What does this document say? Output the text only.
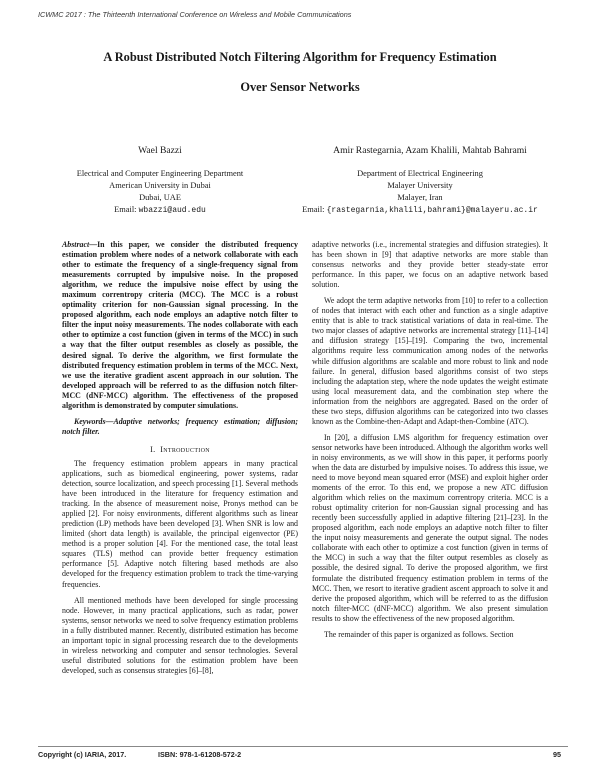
ICWMC 2017 : The Thirteenth International Conference on Wireless and Mobile Communications
A Robust Distributed Notch Filtering Algorithm for Frequency Estimation
Over Sensor Networks
Wael Bazzi
Electrical and Computer Engineering Department
American University in Dubai
Dubai, UAE
Email: wbazzi@aud.edu
Amir Rastegarnia, Azam Khalili, Mahtab Bahrami
Department of Electrical Engineering
Malayer University
Malayer, Iran
Email: {rastegarnia,khalili,bahrami}@malayeru.ac.ir

Abstract—In this paper, we consider the distributed frequency estimation problem where nodes of a network collaborate with each other to estimate the frequency of a single-frequency signal from measurements corrupted by impulsive noise. In the proposed algorithm, we reduce the impulsive noise effect by using the maximum correntropy criteria (MCC). The MCC is a robust optimality criterion for non-Gaussian signal processing. In the proposed algorithm, each node employs an adaptive notch filter to filter the input noisy measurements. The nodes collaborate with each other to optimize a cost function (given in terms of the MCC) in such a way that the filter output resembles as closely as possible, the desired signal. To derive the algorithm, we first formulate the distributed frequency estimation problem in terms of the MCC. Next, we use the iterative gradient ascent approach in our solution. The developed approach will be referred to as the diffusion notch filter-MCC (dNF-MCC) algorithm. The effectiveness of the proposed algorithm is demonstrated by computer simulations.

Keywords—Adaptive networks; frequency estimation; diffusion; notch filter.

I. Introduction

The frequency estimation problem appears in many practical applications, such as biomedical engineering, power systems, radar detection, source localization, and speech processing [1]. Several methods have been introduced in the literature for frequency estimation and tracking. In the absence of measurement noise, Pronys method can be applied [2]. For noisy environments, different algorithms such as linear prediction (LP) methods have been developed [3]. When SNR is low and limited (short data length) is available, the principal eigenvector (PE) method is a proper solution [4]. For the mentioned case, the total least squares (TLS) method can provide better frequency estimation performance [5]. Adaptive notch filtering based methods are also developed for the frequency estimation problem to track the time-varying frequencies.

All mentioned methods have been developed for single processing node. However, in many practical applications, such as radar, power systems, sensor networks we need to solve frequency estimation problems in a fully distributed manner. Recently, distributed estimation has become an important topic in signal processing research due to the developments in wireless networking and computer and sensor technologies. Several useful distributed solutions for the estimation problem have been developed, such as consensus strategies [6]–[8],

adaptive networks (i.e., incremental strategies and diffusion strategies). It has been shown in [9] that adaptive networks are more stable than consensus networks and they provide better steady-state error performance. In this paper, we focus on an adaptive network based solution.

We adopt the term adaptive networks from [10] to refer to a collection of nodes that interact with each other and function as a single adaptive entity that is able to track statistical variations of data in real-time. The two major classes of adaptive networks are incremental strategy [11]–[14] and diffusion strategy [15]–[19]. Comparing the two, incremental algorithms require less communication among nodes of the networks while diffusion algorithms are scalable and more robust to link and node failure. In general, diffusion based algorithms consist of two steps including the adaptation step, where the node updates the weight estimate using local measurement data, and the combination step where the information from the neighbors are aggregated. Based on the order of these two steps, diffusion algorithms can be categorized into two classes known as the Combine-then-Adapt and Adapt-then-Combine (ATC).

In [20], a diffusion LMS algorithm for frequency estimation over sensor networks have been introduced. Although the algorithm works well in noisy environments, as we will show in this paper, it performs poorly when the data are disturbed by impulsive noises. To address this issue, we need to move beyond mean squared error (MSE) and exploit higher order moments of the error. To this end, we propose a new ATC diffusion algorithm which relies on the maximum correntropy criteria. MCC is a robust optimality criterion for non-Gaussian signal processing and has recently been successfully applied in adaptive filtering [21]–[23]. In the proposed algorithm, each node employs an adaptive notch filter to filter the input noisy measurements and generate the output signal. The nodes collaborate with each other to optimize a cost function (given in terms of the MCC) in such a way that the filter output resembles as closely as possible, the desired signal. To derive the proposed algorithm, we first formulate the distributed frequency estimation problem in terms of the MCC. Then, we resort to iterative gradient ascent approach to solve it and derive the proposed algorithm, which will be referred to as the diffusion notch filter-MCC (dNF-MCC) algorithm. We also present simulation results to show the effectiveness of the new proposed algorithm.

The remainder of this paper is organized as follows. Section

Copyright (c) IARIA, 2017.	ISBN: 978-1-61208-572-2	95
